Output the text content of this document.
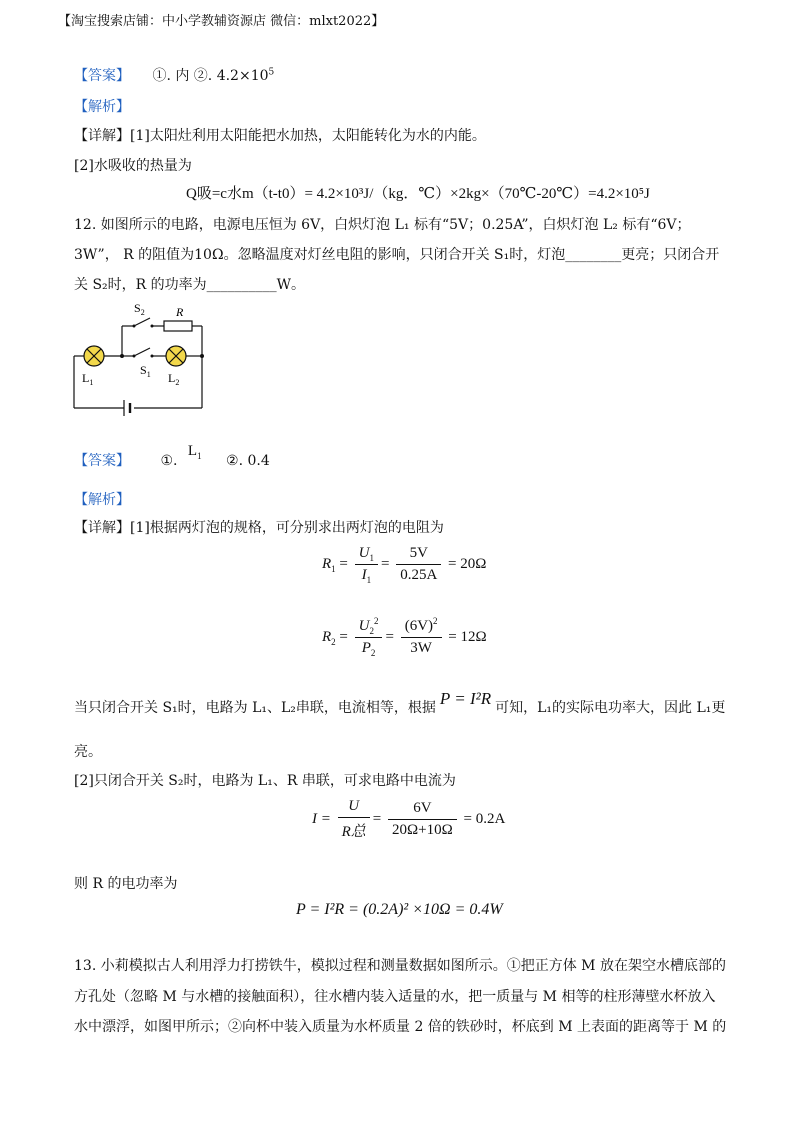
【淘宝搜索店铺：中小学教辅资源店 微信：mlxt2022】
【答案】 ①. 内 ②. $4.2\times 10^5$
【解析】
【详解】[1]太阳灶利用太阳能把水加热，太阳能转化为水的内能。
[2]水吸收的热量为
Q吸=c水m（t-t0）= 4.2×10³J/（kg．℃）×2kg×（70℃-20℃）=4.2×10⁵J
12. 如图所示的电路，电源电压恒为 6V，白炽灯泡 L₁ 标有“5V；0.25A”，白炽灯泡 L₂ 标有“6V；
3W”， R 的阻值为10Ω。忽略温度对灯丝电阻的影响，只闭合开关 S₁时，灯泡________更亮；只闭合开
关 S₂时，R 的功率为__________W。
$S_2$	R
$L_1$
$S_1$ $L_2$
【答案】 ①. $L_1$ ②. 0.4
【解析】
【详解】[1]根据两灯泡的规格，可分别求出两灯泡的电阻为
$R_1 = \frac{U_1}{I_1} = \frac{5V}{0.25A} = 20\Omega$
$R_2 = \frac{U_2^2}{P_2} = \frac{(6V)^2}{3W} = 12\Omega$
当只闭合开关 S₁时，电路为 L₁、L₂串联，电流相等，根据 P = I²R 可知，L₁的实际电功率大，因此 L₁更
亮。
[2]只闭合开关 S₂时，电路为 L₁、R 串联，可求电路中电流为
$I = \frac{U}{\text{R总}} = \frac{6V}{20\Omega+10\Omega} = 0.2A$
则 R 的电功率为
P = I²R = (0.2A)² ×10Ω = 0.4W
13. 小莉模拟古人利用浮力打捞铁牛，模拟过程和测量数据如图所示。①把正方体 M 放在架空水槽底部的
方孔处（忽略 M 与水槽的接触面积），往水槽内装入适量的水，把一质量与 M 相等的柱形薄壁水杯放入
水中漂浮，如图甲所示；②向杯中装入质量为水杯质量 2 倍的铁砂时，杯底到 M 上表面的距离等于 M 的
